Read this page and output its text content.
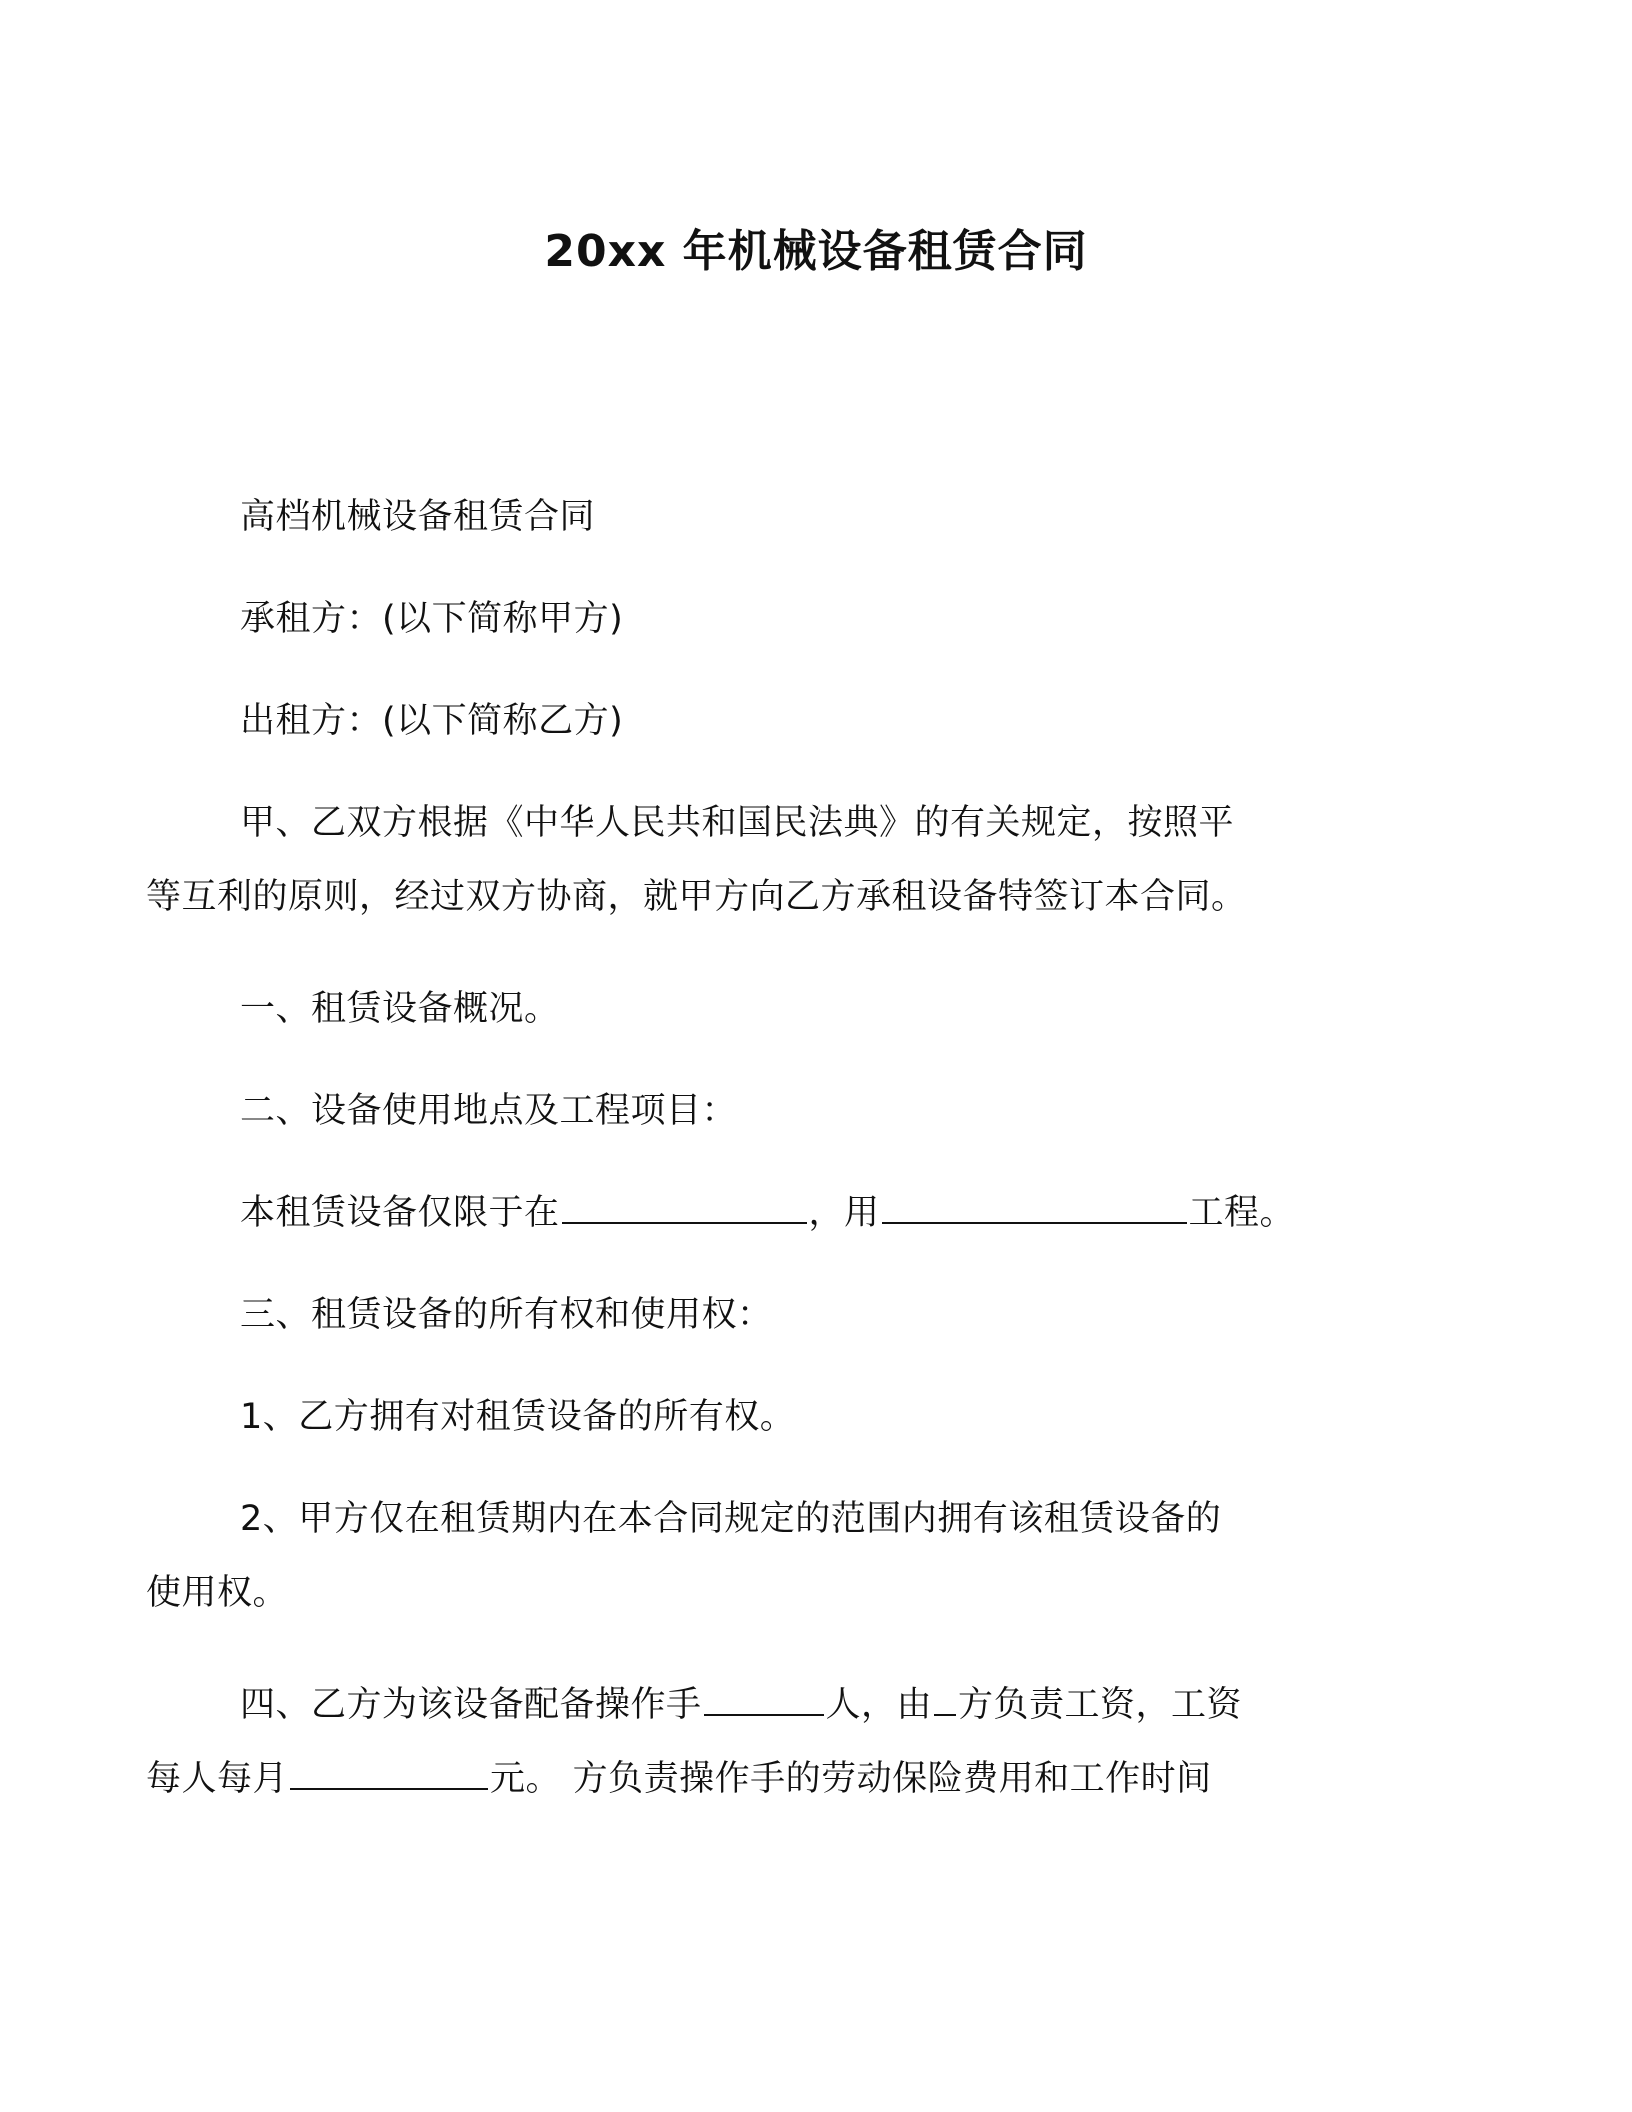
20xx 年机械设备租赁合同
高档机械设备租赁合同
承租方：(以下简称甲方)
出租方：(以下简称乙方)
甲、乙双方根据《中华人民共和国民法典》的有关规定，按照平
等互利的原则，经过双方协商，就甲方向乙方承租设备特签订本合同。
一、租赁设备概况。
二、设备使用地点及工程项目：
本租赁设备仅限于在	，用	工程。
三、租赁设备的所有权和使用权：
1、乙方拥有对租赁设备的所有权。
2、甲方仅在租赁期内在本合同规定的范围内拥有该租赁设备的
使用权。
四、乙方为该设备配备操作手	人，由 方负责工资，工资
每人每月	元。 方负责操作手的劳动保险费用和工作时间
